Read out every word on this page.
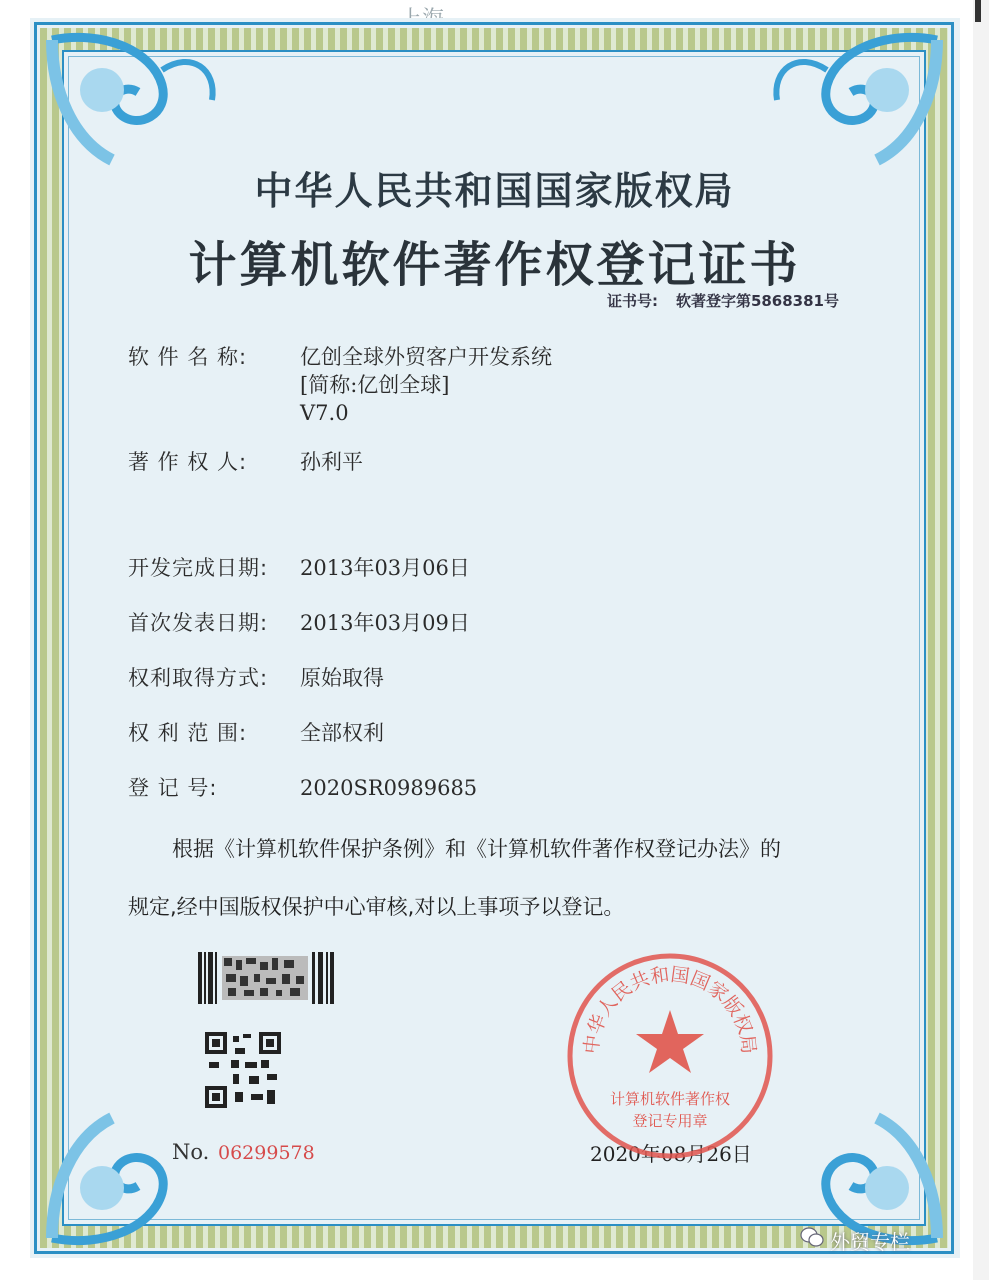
中华人民共和国国家版权局
计算机软件著作权登记证书
证书号: 软著登字第5868381号
软 件 名 称:	亿创全球外贸客户开发系统
[简称:亿创全球]
V7.0
著 作 权 人:	孙利平
开发完成日期: 2013年03月06日
首次发表日期: 2013年03月09日
权利取得方式: 原始取得
权 利 范 围:	全部权利
登 记 号:	2020SR0989685
根据《计算机软件保护条例》和《计算机软件著作权登记办法》的
规定,经中国版权保护中心审核,对以上事项予以登记。
No. 06299578	2020年08月26日
中华人民共和国国家版权局
计算机软件著作权
登记专用章
外贸专栏
